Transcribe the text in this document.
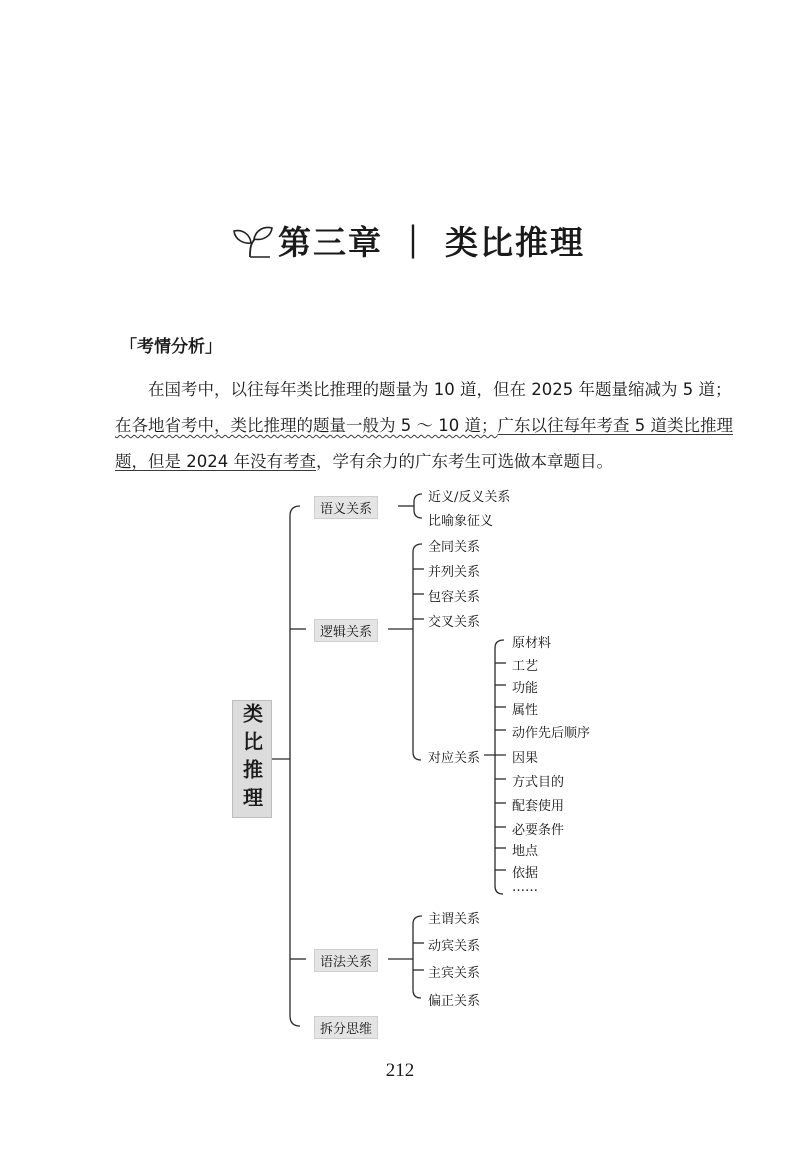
第三章 ｜ 类比推理
「考情分析」
在国考中，以往每年类比推理的题量为 10 道，但在 2025 年题量缩减为 5 道；
在各地省考中，类比推理的题量一般为 5 ～ 10 道；广东以往每年考查 5 道类比推理
题，但是 2024 年没有考查，学有余力的广东考生可选做本章题目。
类比推理
语义关系
逻辑关系
语法关系
拆分思维
近义/反义关系
比喻象征义
全同关系
并列关系
包容关系
交叉关系
对应关系
原材料
工艺
功能
属性
动作先后顺序
因果
方式目的
配套使用
必要条件
地点
依据
……
主谓关系
动宾关系
主宾关系
偏正关系
212
